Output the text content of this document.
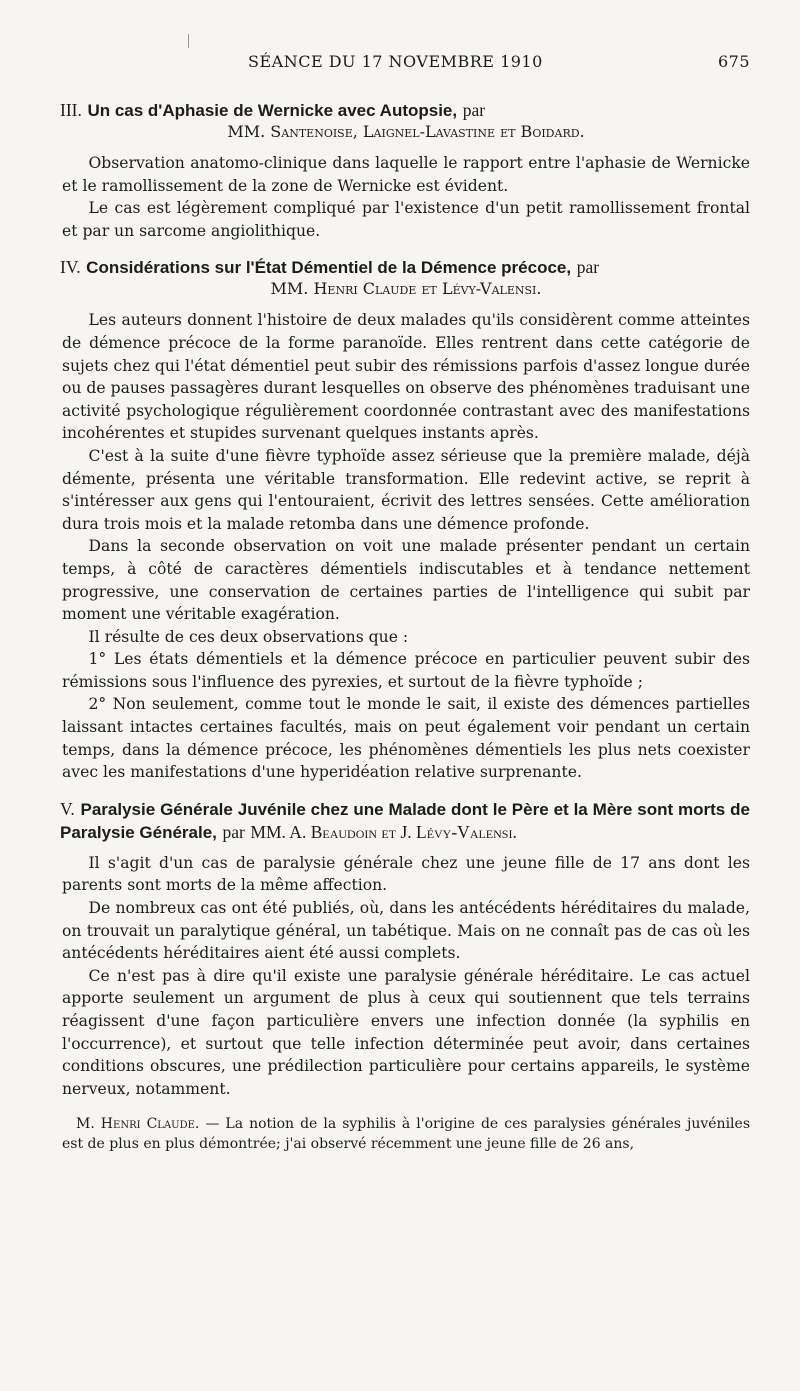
SÉANCE DU 17 NOVEMBRE 1910	675
III. Un cas d'Aphasie de Wernicke avec Autopsie, par
MM. Santenoise, Laignel-Lavastine et Boidard.

Observation anatomo-clinique dans laquelle le rapport entre l'aphasie de Wernicke et le ramollissement de la zone de Wernicke est évident.

Le cas est légèrement compliqué par l'existence d'un petit ramollissement frontal et par un sarcome angiolithique.

IV. Considérations sur l'État Démentiel de la Démence précoce, par
MM. Henri Claude et Lévy-Valensi.

Les auteurs donnent l'histoire de deux malades qu'ils considèrent comme atteintes de démence précoce de la forme paranoïde. Elles rentrent dans cette catégorie de sujets chez qui l'état démentiel peut subir des rémissions parfois d'assez longue durée ou de pauses passagères durant lesquelles on observe des phénomènes traduisant une activité psychologique régulièrement coordonnée contrastant avec des manifestations incohérentes et stupides survenant quelques instants après.

C'est à la suite d'une fièvre typhoïde assez sérieuse que la première malade, déjà démente, présenta une véritable transformation. Elle redevint active, se reprit à s'intéresser aux gens qui l'entouraient, écrivit des lettres sensées. Cette amélioration dura trois mois et la malade retomba dans une démence profonde.

Dans la seconde observation on voit une malade présenter pendant un certain temps, à côté de caractères démentiels indiscutables et à tendance nettement progressive, une conservation de certaines parties de l'intelligence qui subit par moment une véritable exagération.

Il résulte de ces deux observations que :

1° Les états démentiels et la démence précoce en particulier peuvent subir des rémissions sous l'influence des pyrexies, et surtout de la fièvre typhoïde ;

2° Non seulement, comme tout le monde le sait, il existe des démences partielles laissant intactes certaines facultés, mais on peut également voir pendant un certain temps, dans la démence précoce, les phénomènes démentiels les plus nets coexister avec les manifestations d'une hyperidéation relative surprenante.

V. Paralysie Générale Juvénile chez une Malade dont le Père et la Mère sont morts de Paralysie Générale, par MM. A. Beaudoin et J. Lévy-Valensi.

Il s'agit d'un cas de paralysie générale chez une jeune fille de 17 ans dont les parents sont morts de la même affection.

De nombreux cas ont été publiés, où, dans les antécédents héréditaires du malade, on trouvait un paralytique général, un tabétique. Mais on ne connaît pas de cas où les antécédents héréditaires aient été aussi complets.

Ce n'est pas à dire qu'il existe une paralysie générale héréditaire. Le cas actuel apporte seulement un argument de plus à ceux qui soutiennent que tels terrains réagissent d'une façon particulière envers une infection donnée (la syphilis en l'occurrence), et surtout que telle infection déterminée peut avoir, dans certaines conditions obscures, une prédilection particulière pour certains appareils, le système nerveux, notamment.

M. Henri Claude. — La notion de la syphilis à l'origine de ces paralysies générales juvéniles est de plus en plus démontrée; j'ai observé récemment une jeune fille de 26 ans,
